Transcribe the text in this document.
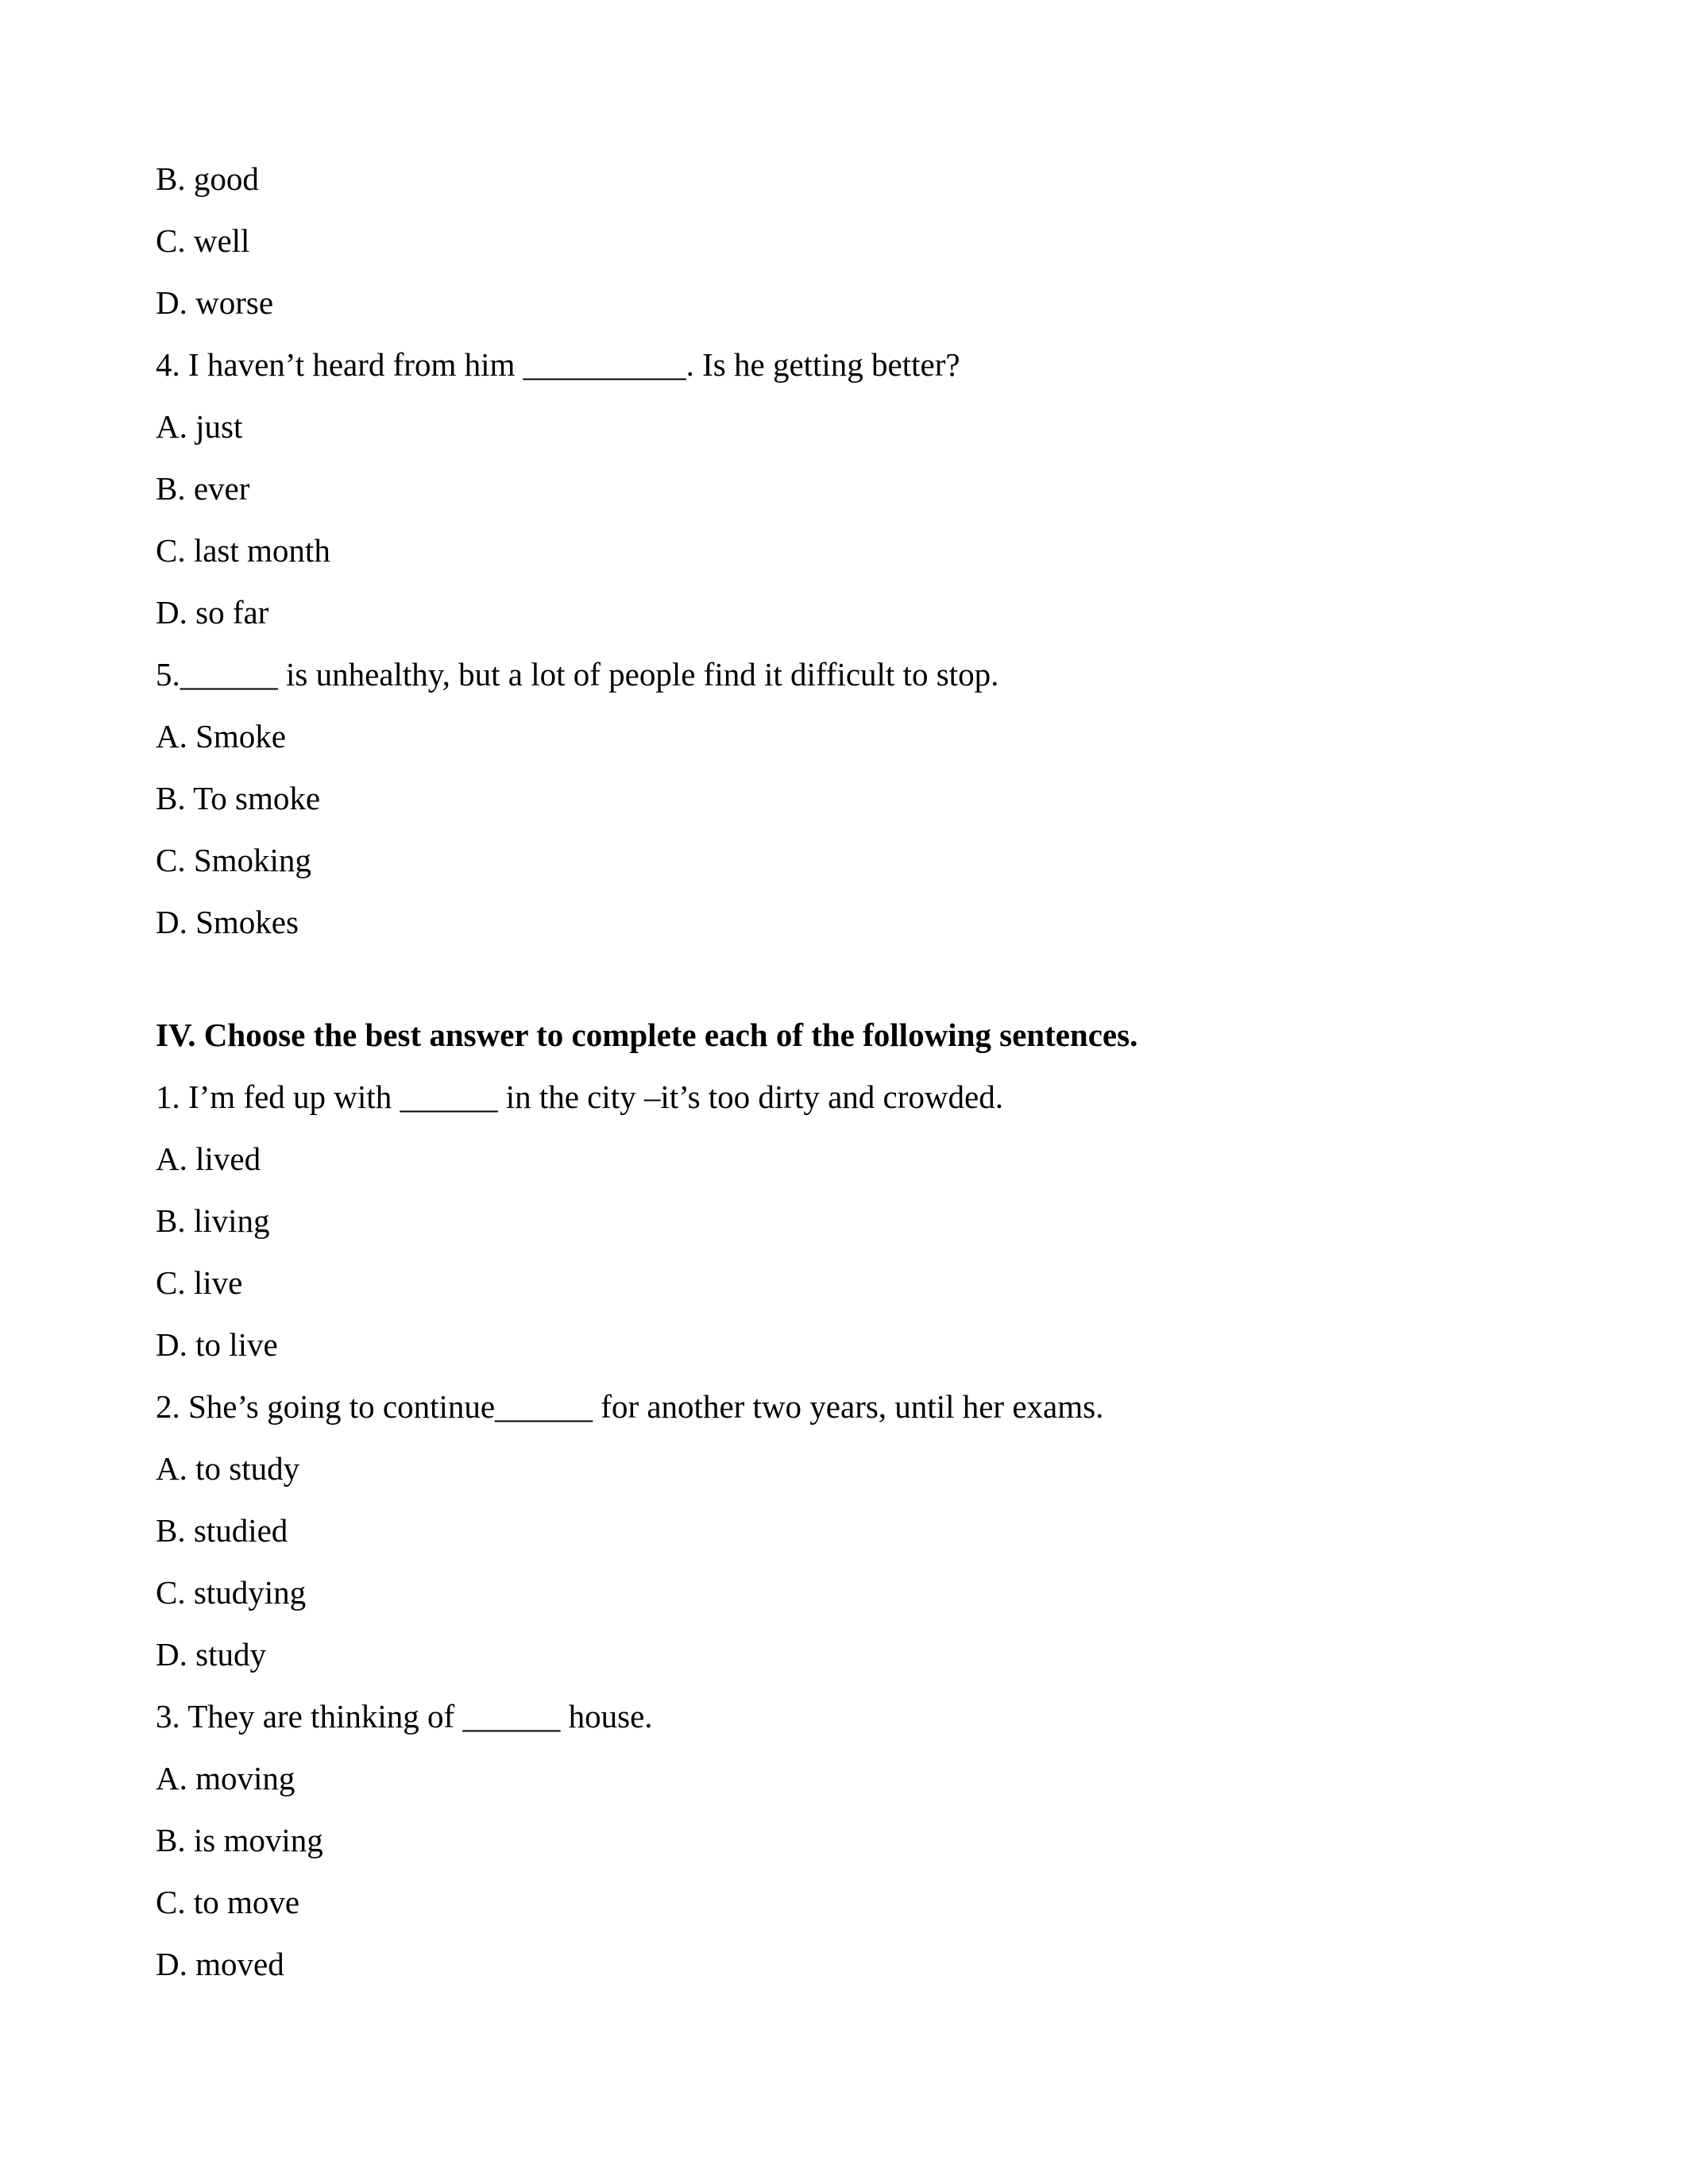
B. good
C. well
D. worse
4. I haven’t heard from him __________. Is he getting better?
A. just
B. ever
C. last month
D. so far
5.______ is unhealthy, but a lot of people find it difficult to stop.
A. Smoke
B. To smoke
C. Smoking
D. Smokes
IV. Choose the best answer to complete each of the following sentences.
1. I’m fed up with ______ in the city –it’s too dirty and crowded.
A. lived
B. living
C. live
D. to live
2. She’s going to continue______ for another two years, until her exams.
A. to study
B. studied
C. studying
D. study
3. They are thinking of ______ house.
A. moving
B. is moving
C. to move
D. moved
